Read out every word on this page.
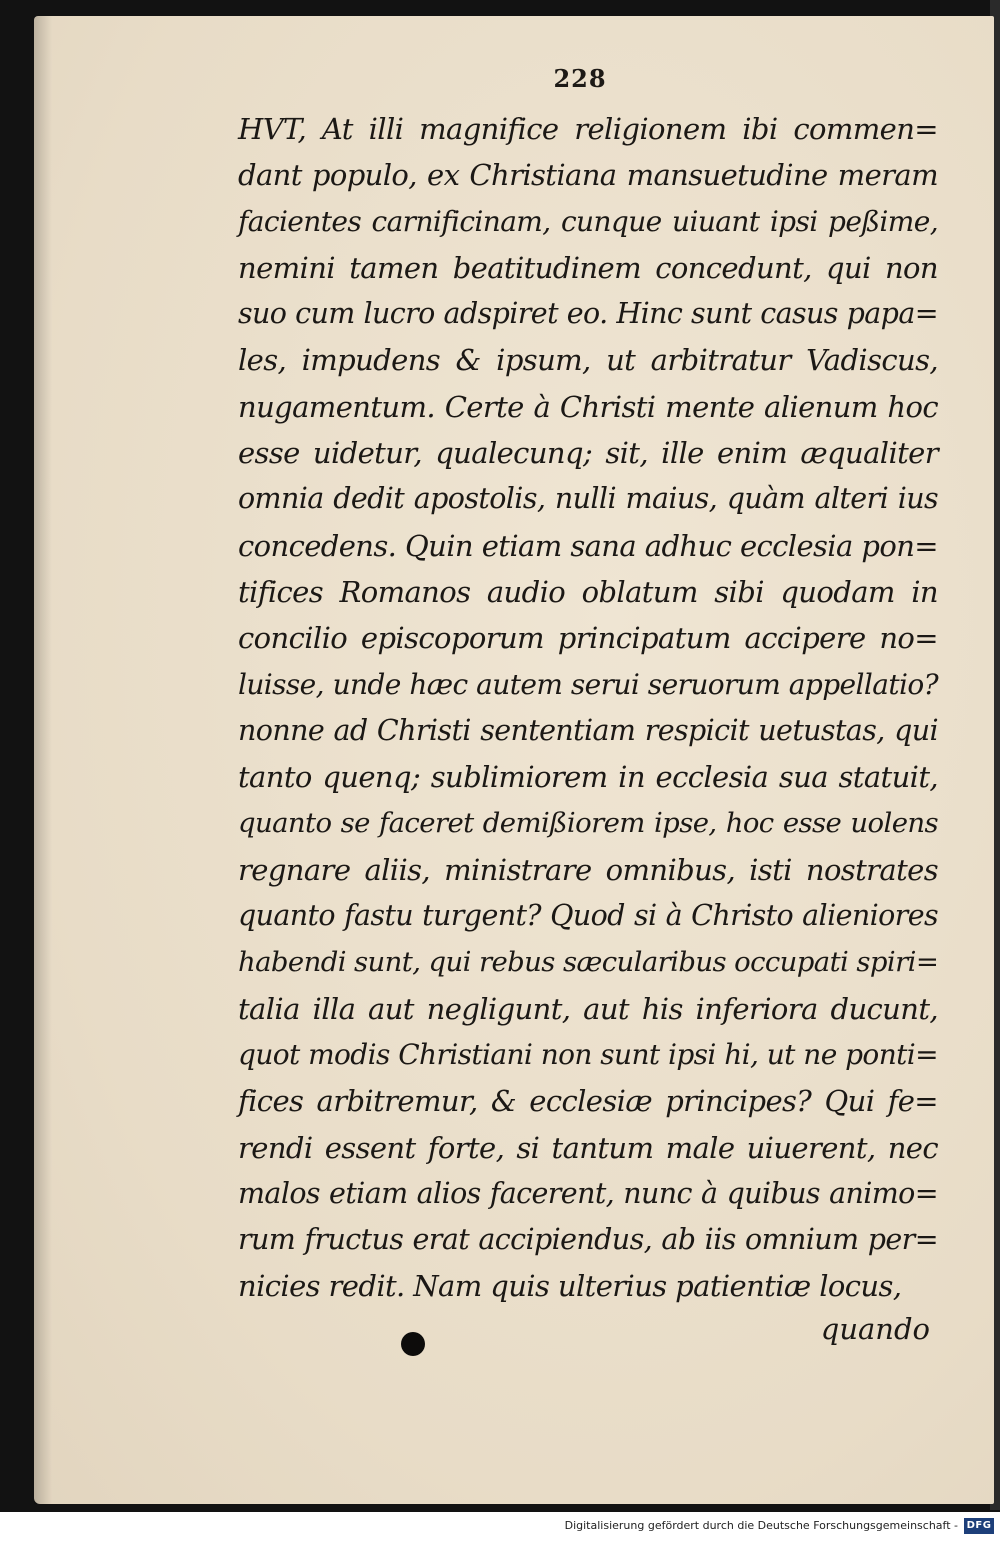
228
HVT, At illi magnifice religionem ibi commen=
dant populo, ex Christiana mansuetudine meram
facientes carnificinam, cunque uiuant ipsi peßime,
nemini tamen beatitudinem concedunt, qui non
suo cum lucro adspiret eo. Hinc sunt casus papa=
les, impudens & ipsum, ut arbitratur Vadiscus,
nugamentum. Certe à Christi mente alienum hoc
esse uidetur, qualecunq; sit, ille enim æqualiter
omnia dedit apostolis, nulli maius, quàm alteri ius
concedens. Quin etiam sana adhuc ecclesia pon=
tifices Romanos audio oblatum sibi quodam in
concilio episcoporum principatum accipere no=
luisse, unde hæc autem serui seruorum appellatio?
nonne ad Christi sententiam respicit uetustas, qui
tanto quenq; sublimiorem in ecclesia sua statuit,
quanto se faceret demißiorem ipse, hoc esse uolens
regnare aliis, ministrare omnibus, isti nostrates
quanto fastu turgent? Quod si à Christo alieniores
habendi sunt, qui rebus sæcularibus occupati spiri=
talia illa aut negligunt, aut his inferiora ducunt,
quot modis Christiani non sunt ipsi hi, ut ne ponti=
fices arbitremur, & ecclesiæ principes? Qui fe=
rendi essent forte, si tantum male uiuerent, nec
malos etiam alios facerent, nunc à quibus animo=
rum fructus erat accipiendus, ab iis omnium per=
nicies redit. Nam quis ulterius patientiæ locus,
quando
Digitalisierung gefördert durch die Deutsche Forschungsgemeinschaft - DFG
